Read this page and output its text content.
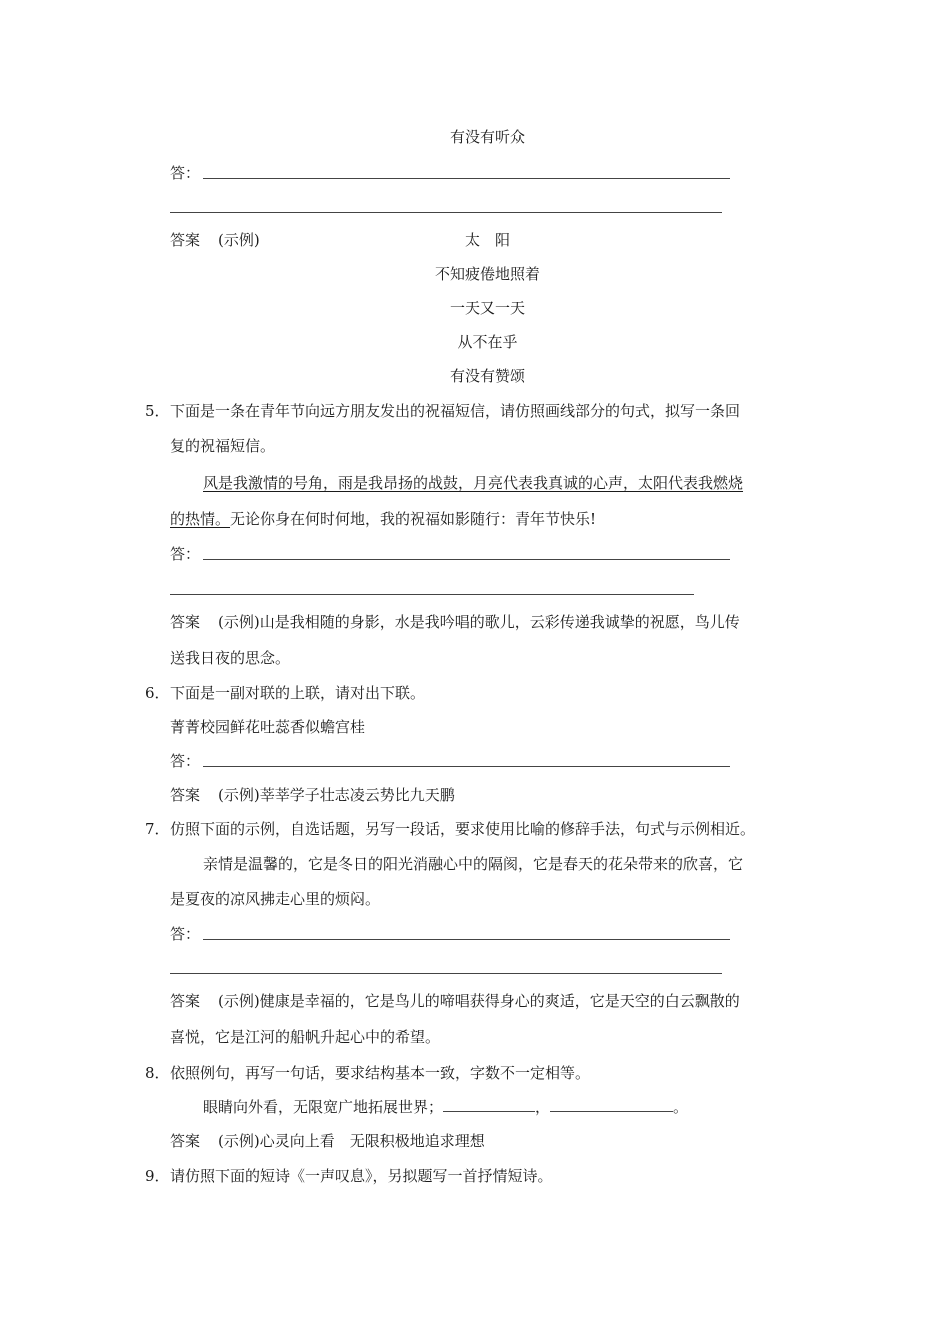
有没有听众
答：
答案 (示例)	太　阳
不知疲倦地照着
一天又一天
从不在乎
有没有赞颂
5． 下面是一条在青年节向远方朋友发出的祝福短信，请仿照画线部分的句式，拟写一条回
复的祝福短信。
风是我激情的号角，雨是我昂扬的战鼓，月亮代表我真诚的心声，太阳代表我燃烧
的热情。无论你身在何时何地，我的祝福如影随行：青年节快乐!
答：
答案 (示例)山是我相随的身影，水是我吟唱的歌儿，云彩传递我诚挚的祝愿，鸟儿传
送我日夜的思念。
6． 下面是一副对联的上联，请对出下联。
菁菁校园鲜花吐蕊香似蟾宫桂
答：
答案 (示例)莘莘学子壮志凌云势比九天鹏
7． 仿照下面的示例，自选话题，另写一段话，要求使用比喻的修辞手法，句式与示例相近。
亲情是温馨的，它是冬日的阳光消融心中的隔阂，它是春天的花朵带来的欣喜，它
是夏夜的凉风拂走心里的烦闷。
答：
答案 (示例)健康是幸福的，它是鸟儿的啼唱获得身心的爽适，它是天空的白云飘散的
喜悦，它是江河的船帆升起心中的希望。
8． 依照例句，再写一句话，要求结构基本一致，字数不一定相等。
眼睛向外看，无限宽广地拓展世界；	，	。
答案 (示例)心灵向上看　无限积极地追求理想
9． 请仿照下面的短诗《一声叹息》，另拟题写一首抒情短诗。
